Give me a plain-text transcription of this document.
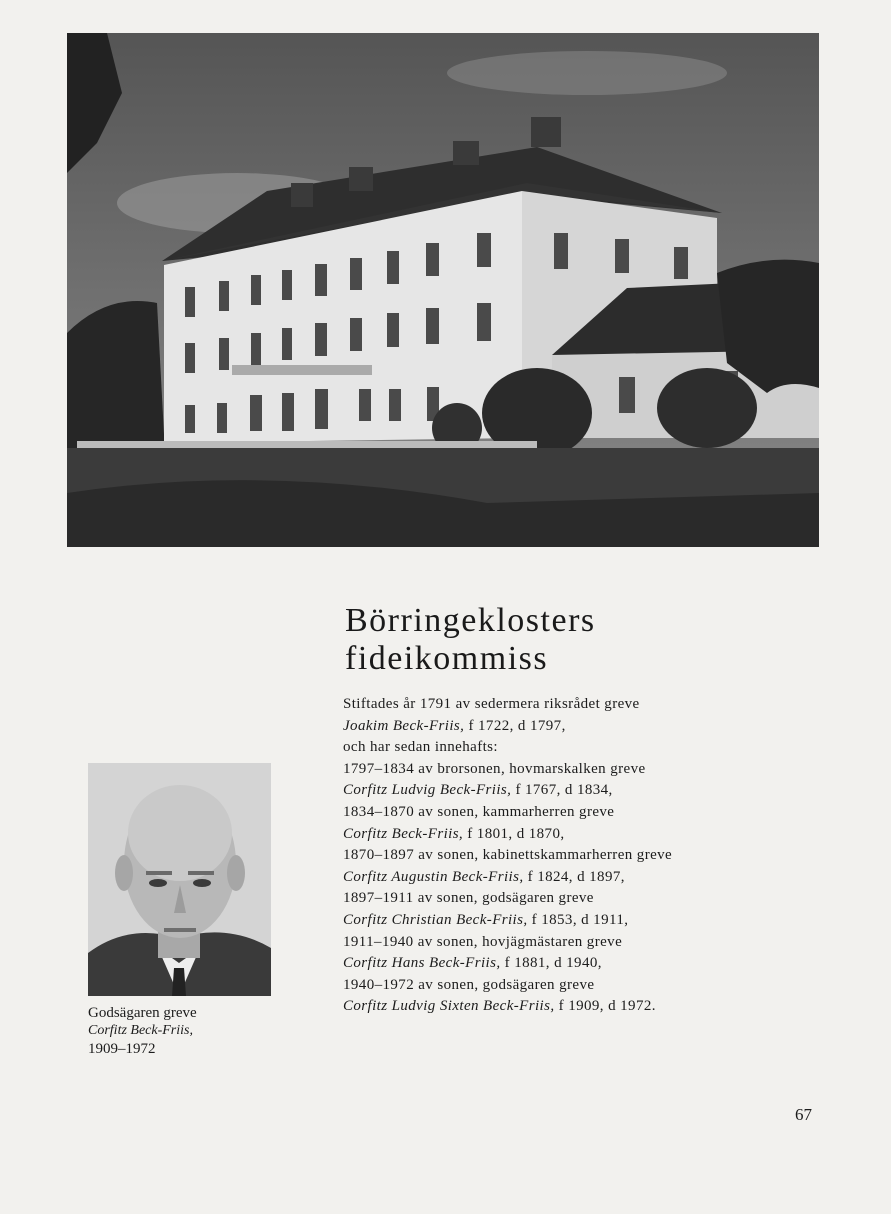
Börringeklosters
fideikommiss
Stiftades år 1791 av sedermera riksrådet greve
Joakim Beck-Friis, f 1722, d 1797,
och har sedan innehafts:
1797–1834 av brorsonen, hovmarskalken greve
Corfitz Ludvig Beck-Friis, f 1767, d 1834,
1834–1870 av sonen, kammarherren greve
Corfitz Beck-Friis, f 1801, d 1870,
1870–1897 av sonen, kabinettskammarherren greve
Corfitz Augustin Beck-Friis, f 1824, d 1897,
1897–1911 av sonen, godsägaren greve
Corfitz Christian Beck-Friis, f 1853, d 1911,
1911–1940 av sonen, hovjägmästaren greve
Corfitz Hans Beck-Friis, f 1881, d 1940,
1940–1972 av sonen, godsägaren greve
Corfitz Ludvig Sixten Beck-Friis, f 1909, d 1972.
Godsägaren greve
Corfitz Beck-Friis,
1909–1972
67
